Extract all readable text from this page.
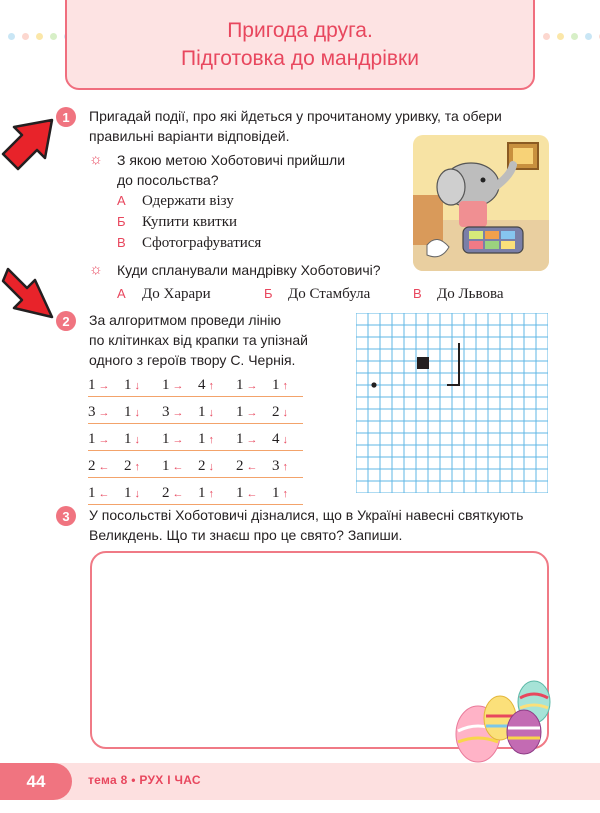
Пригода друга.
Підготовка до мандрівки
1	Пригадай події, про які йдеться у прочитаному уривку, та обери
правильні варіанти відповідей.
☼ З якою метою Хоботовичі прийшли
до посольства?
А Одержати візу
Б Купити квитки
В Сфотографуватися
☼ Куди спланували мандрівку Хоботовичі?
А До Харари	Б До Стамбула	В До Львова
2	За алгоритмом проведи лінію
по клітинках від крапки та упізнай
одного з героїв твору С. Чернія.
1 → 1 ↓ 1 → 4 ↑ 1 → 1 ↑
3 → 1 ↓ 3 → 1 ↓ 1 → 2 ↓
1 → 1 ↓ 1 → 1 ↑ 1 → 4 ↓
2 ← 2 ↑ 1 ← 2 ↓ 2 ← 3 ↑
1 ← 1 ↓ 2 ← 1 ↑ 1 ← 1 ↑
3	У посольстві Хоботовичі дізналися, що в Україні навесні святкують
Великдень. Що ти знаєш про це свято? Запиши.
44	тема 8 • РУХ І ЧАС
